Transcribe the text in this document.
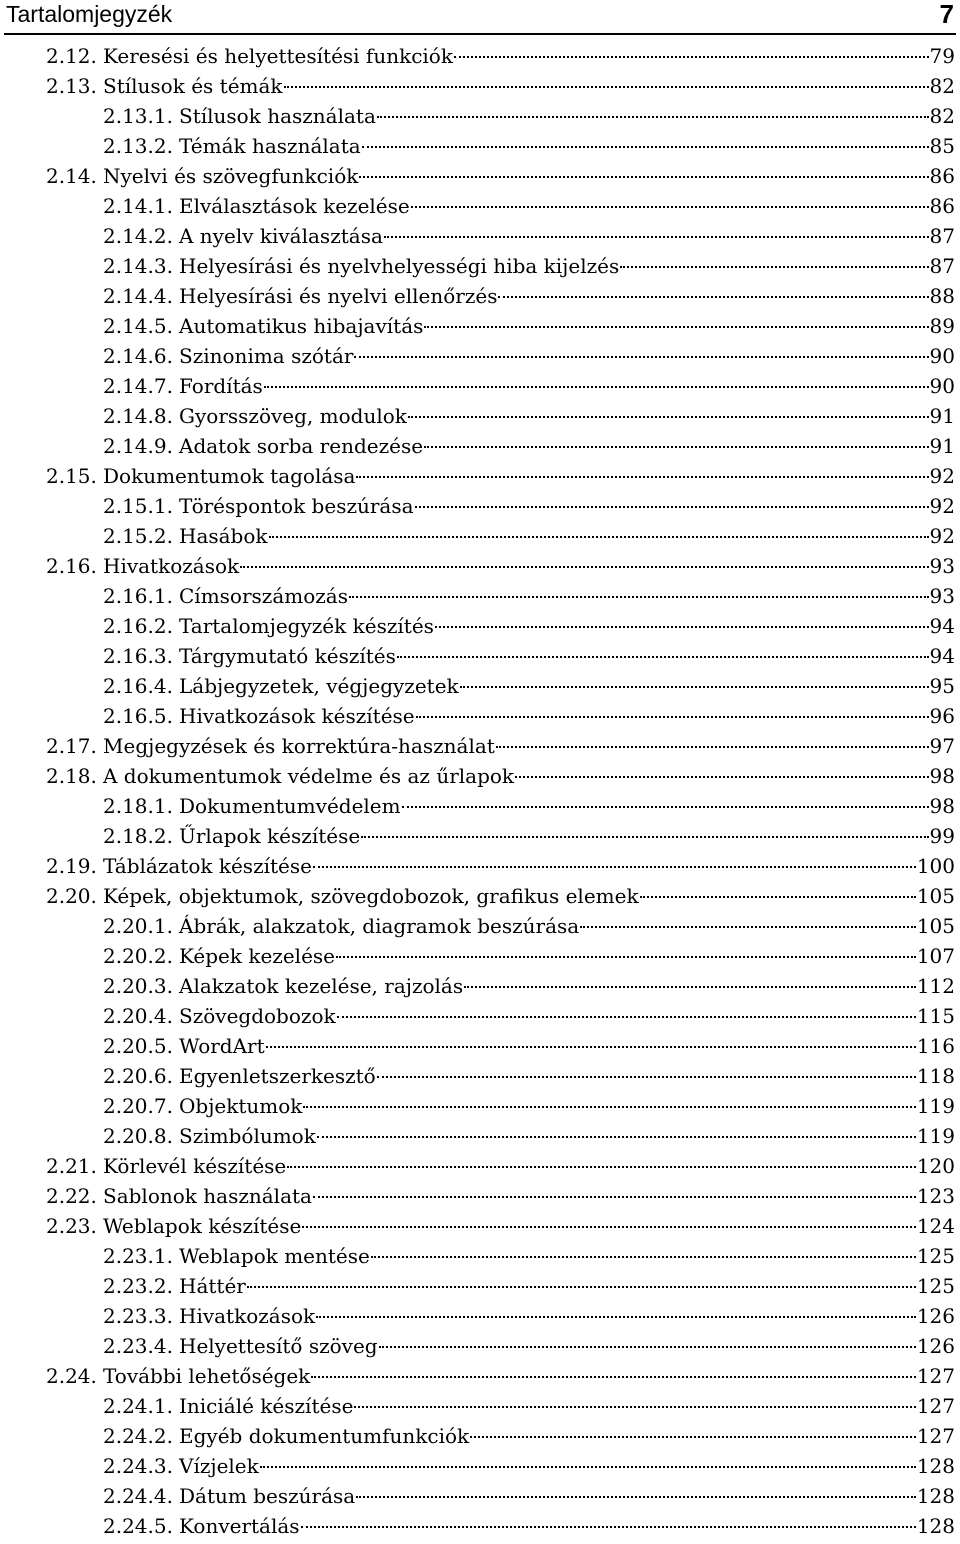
Tartalomjegyzék	7
2.12. Keresési és helyettesítési funkciók	79
2.13. Stílusok és témák	82
2.13.1. Stílusok használata	82
2.13.2. Témák használata	85
2.14. Nyelvi és szövegfunkciók	86
2.14.1. Elválasztások kezelése	86
2.14.2. A nyelv kiválasztása	87
2.14.3. Helyesírási és nyelvhelyességi hiba kijelzés	87
2.14.4. Helyesírási és nyelvi ellenőrzés	88
2.14.5. Automatikus hibajavítás	89
2.14.6. Szinonima szótár	90
2.14.7. Fordítás	90
2.14.8. Gyorsszöveg, modulok	91
2.14.9. Adatok sorba rendezése	91
2.15. Dokumentumok tagolása	92
2.15.1. Töréspontok beszúrása	92
2.15.2. Hasábok	92
2.16. Hivatkozások	93
2.16.1. Címsorszámozás	93
2.16.2. Tartalomjegyzék készítés	94
2.16.3. Tárgymutató készítés	94
2.16.4. Lábjegyzetek, végjegyzetek	95
2.16.5. Hivatkozások készítése	96
2.17. Megjegyzések és korrektúra-használat	97
2.18. A dokumentumok védelme és az űrlapok	98
2.18.1. Dokumentumvédelem	98
2.18.2. Űrlapok készítése	99
2.19. Táblázatok készítése	100
2.20. Képek, objektumok, szövegdobozok, grafikus elemek	105
2.20.1. Ábrák, alakzatok, diagramok beszúrása	105
2.20.2. Képek kezelése	107
2.20.3. Alakzatok kezelése, rajzolás	112
2.20.4. Szövegdobozok	115
2.20.5. WordArt	116
2.20.6. Egyenletszerkesztő	118
2.20.7. Objektumok	119
2.20.8. Szimbólumok	119
2.21. Körlevél készítése	120
2.22. Sablonok használata	123
2.23. Weblapok készítése	124
2.23.1. Weblapok mentése	125
2.23.2. Háttér	125
2.23.3. Hivatkozások	126
2.23.4. Helyettesítő szöveg	126
2.24. További lehetőségek	127
2.24.1. Iniciálé készítése	127
2.24.2. Egyéb dokumentumfunkciók	127
2.24.3. Vízjelek	128
2.24.4. Dátum beszúrása	128
2.24.5. Konvertálás	128
